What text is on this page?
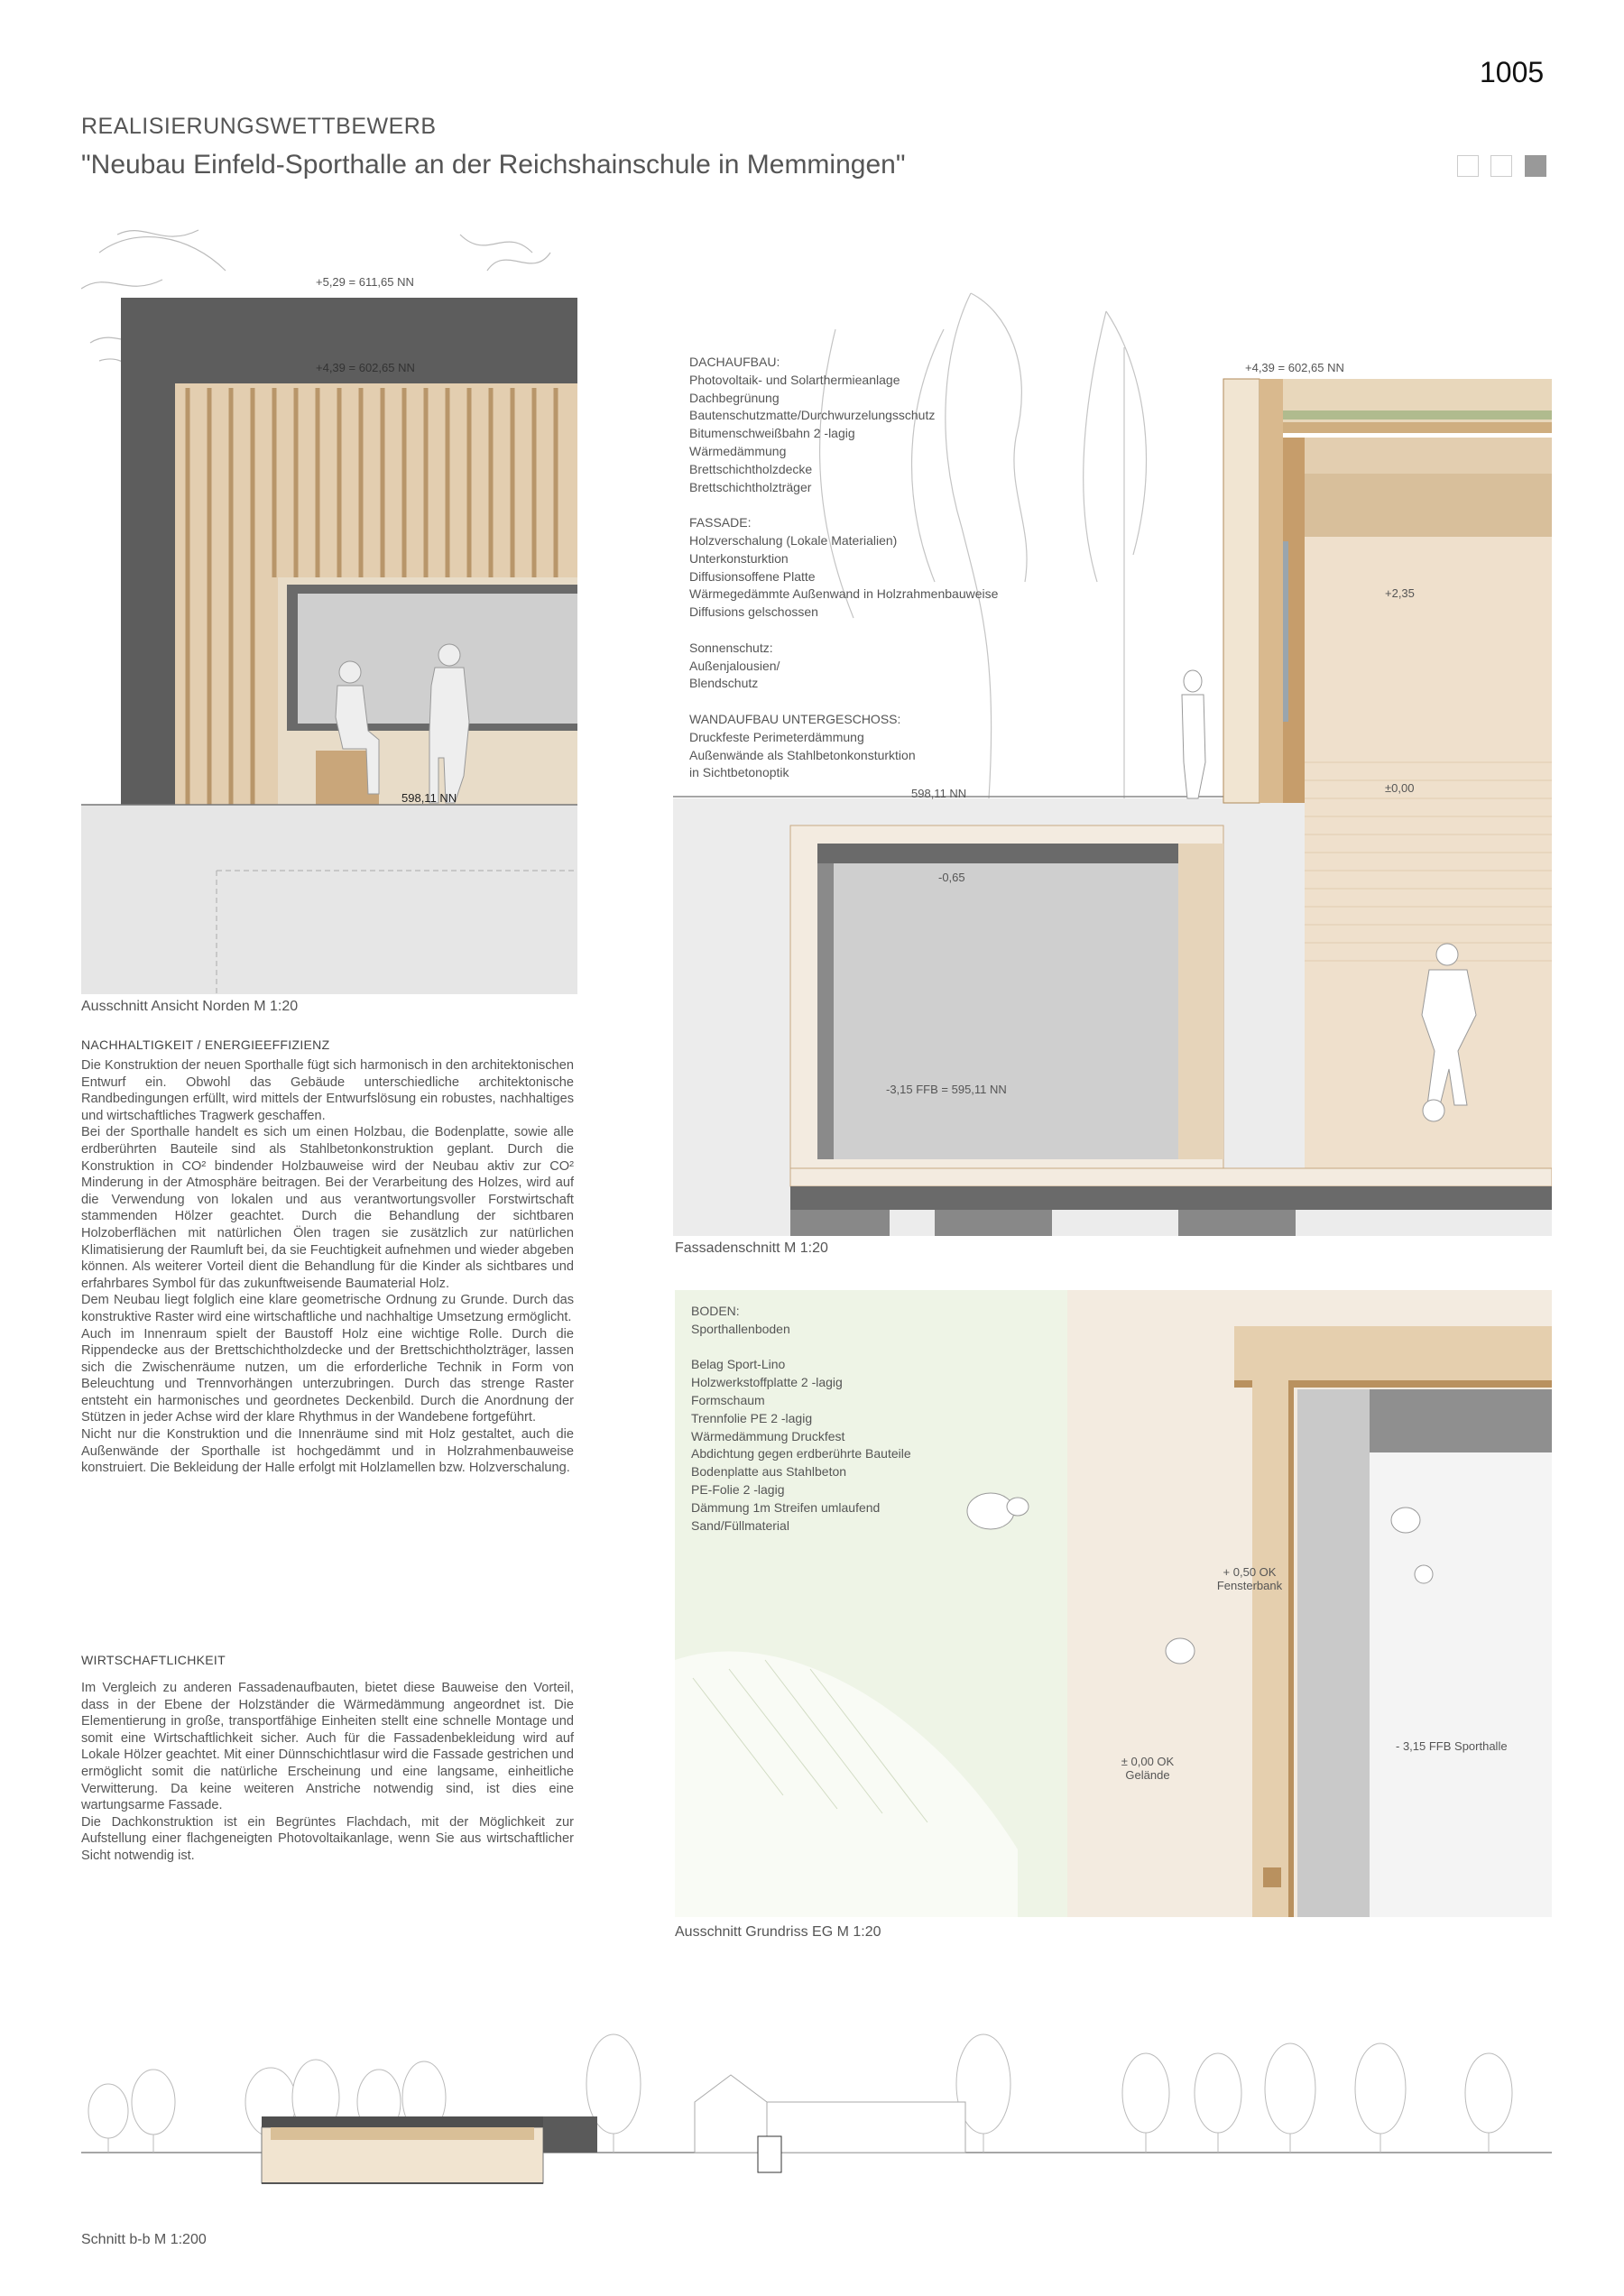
1005
REALISIERUNGSWETTBEWERB
"Neubau Einfeld-Sporthalle an der Reichshainschule in Memmingen"
+5,29 = 611,65 NN
+4,39 = 602,65 NN
598,11 NN
Ausschnitt Ansicht Norden M 1:20
NACHHALTIGKEIT / ENERGIEEFFIZIENZ

Die Konstruktion der neuen Sporthalle fügt sich harmonisch in den architektonischen Entwurf ein. Obwohl das Gebäude unterschiedliche architektonische Randbedingungen erfüllt, wird mittels der Entwurfslösung ein robustes, nachhaltiges und wirtschaftliches Tragwerk geschaffen.

Bei der Sporthalle handelt es sich um einen Holzbau, die Bodenplatte, sowie alle erdberührten Bauteile sind als Stahlbetonkonstruktion geplant. Durch die Konstruktion in CO² bindender Holzbauweise wird der Neubau aktiv zur CO² Minderung in der Atmosphäre beitragen. Bei der Verarbeitung des Holzes, wird auf die Verwendung von lokalen und aus verantwortungsvoller Forstwirtschaft stammenden Hölzer geachtet. Durch die Behandlung der sichtbaren Holzoberflächen mit natürlichen Ölen tragen sie zusätzlich zur natürlichen Klimatisierung der Raumluft bei, da sie Feuchtigkeit aufnehmen und wieder abgeben können. Als weiterer Vorteil dient die Behandlung für die Kinder als sichtbares und erfahrbares Symbol für das zukunftweisende Baumaterial Holz.

Dem Neubau liegt folglich eine klare geometrische Ordnung zu Grunde. Durch das konstruktive Raster wird eine wirtschaftliche und nachhaltige Umsetzung ermöglicht.

Auch im Innenraum spielt der Baustoff Holz eine wichtige Rolle. Durch die Rippendecke aus der Brettschichtholzdecke und der Brettschichtholzträger, lassen sich die Zwischenräume nutzen, um die erforderliche Technik in Form von Beleuchtung und Trennvorhängen unterzubringen. Durch das strenge Raster entsteht ein harmonisches und geordnetes Deckenbild. Durch die Anordnung der Stützen in jeder Achse wird der klare Rhythmus in der Wandebene fortgeführt.

Nicht nur die Konstruktion und die Innenräume sind mit Holz gestaltet, auch die Außenwände der Sporthalle ist hochgedämmt und in Holzrahmenbauweise konstruiert. Die Bekleidung der Halle erfolgt mit Holzlamellen bzw. Holzverschalung.

WIRTSCHAFTLICHKEIT

Im Vergleich zu anderen Fassadenaufbauten, bietet diese Bauweise den Vorteil, dass in der Ebene der Holzständer die Wärmedämmung angeordnet ist. Die Elementierung in große, transportfähige Einheiten stellt eine schnelle Montage und somit eine Wirtschaftlichkeit sicher. Auch für die Fassadenbekleidung wird auf Lokale Hölzer geachtet. Mit einer Dünnschichtlasur wird die Fassade gestrichen und ermöglicht somit die natürliche Erscheinung und eine langsame, einheitliche Verwitterung. Da keine weiteren Anstriche notwendig sind, ist dies eine wartungsarme Fassade.

Die Dachkonstruktion ist ein Begrüntes Flachdach, mit der Möglichkeit zur Aufstellung einer flachgeneigten Photovoltaikanlage, wenn Sie aus wirtschaftlicher Sicht notwendig ist.

DACHAUFBAU:
Photovoltaik- und Solarthermieanlage
Dachbegrünung
Bautenschutzmatte/Durchwurzelungsschutz
Bitumenschweißbahn 2 -lagig
Wärmedämmung
Brettschichtholzdecke
Brettschichtholzträger
FASSADE:
Holzverschalung (Lokale Materialien)
Unterkonsturktion
Diffusionsoffene Platte
Wärmegedämmte Außenwand in Holzrahmenbauweise
Diffusions gelschossen
Sonnenschutz:
Außenjalousien/
Blendschutz
WANDAUFBAU UNTERGESCHOSS:
Druckfeste Perimeterdämmung
Außenwände als Stahlbetonkonsturktion
in Sichtbetonoptik
+4,39 = 602,65 NN
+2,35
±0,00
598,11 NN
-0,65
-3,15 FFB = 595,11 NN
Fassadenschnitt M 1:20
BODEN:
Sporthallenboden
Belag Sport-Lino
Holzwerkstoffplatte 2 -lagig
Formschaum
Trennfolie PE 2 -lagig
Wärmedämmung Druckfest
Abdichtung gegen erdberührte Bauteile
Bodenplatte aus Stahlbeton
PE-Folie 2 -lagig
Dämmung 1m Streifen umlaufend
Sand/Füllmaterial
+ 0,50 OK
Fensterbank
± 0,00 OK
Gelände
- 3,15 FFB Sporthalle
Ausschnitt Grundriss EG M 1:20
Schnitt b-b M 1:200
